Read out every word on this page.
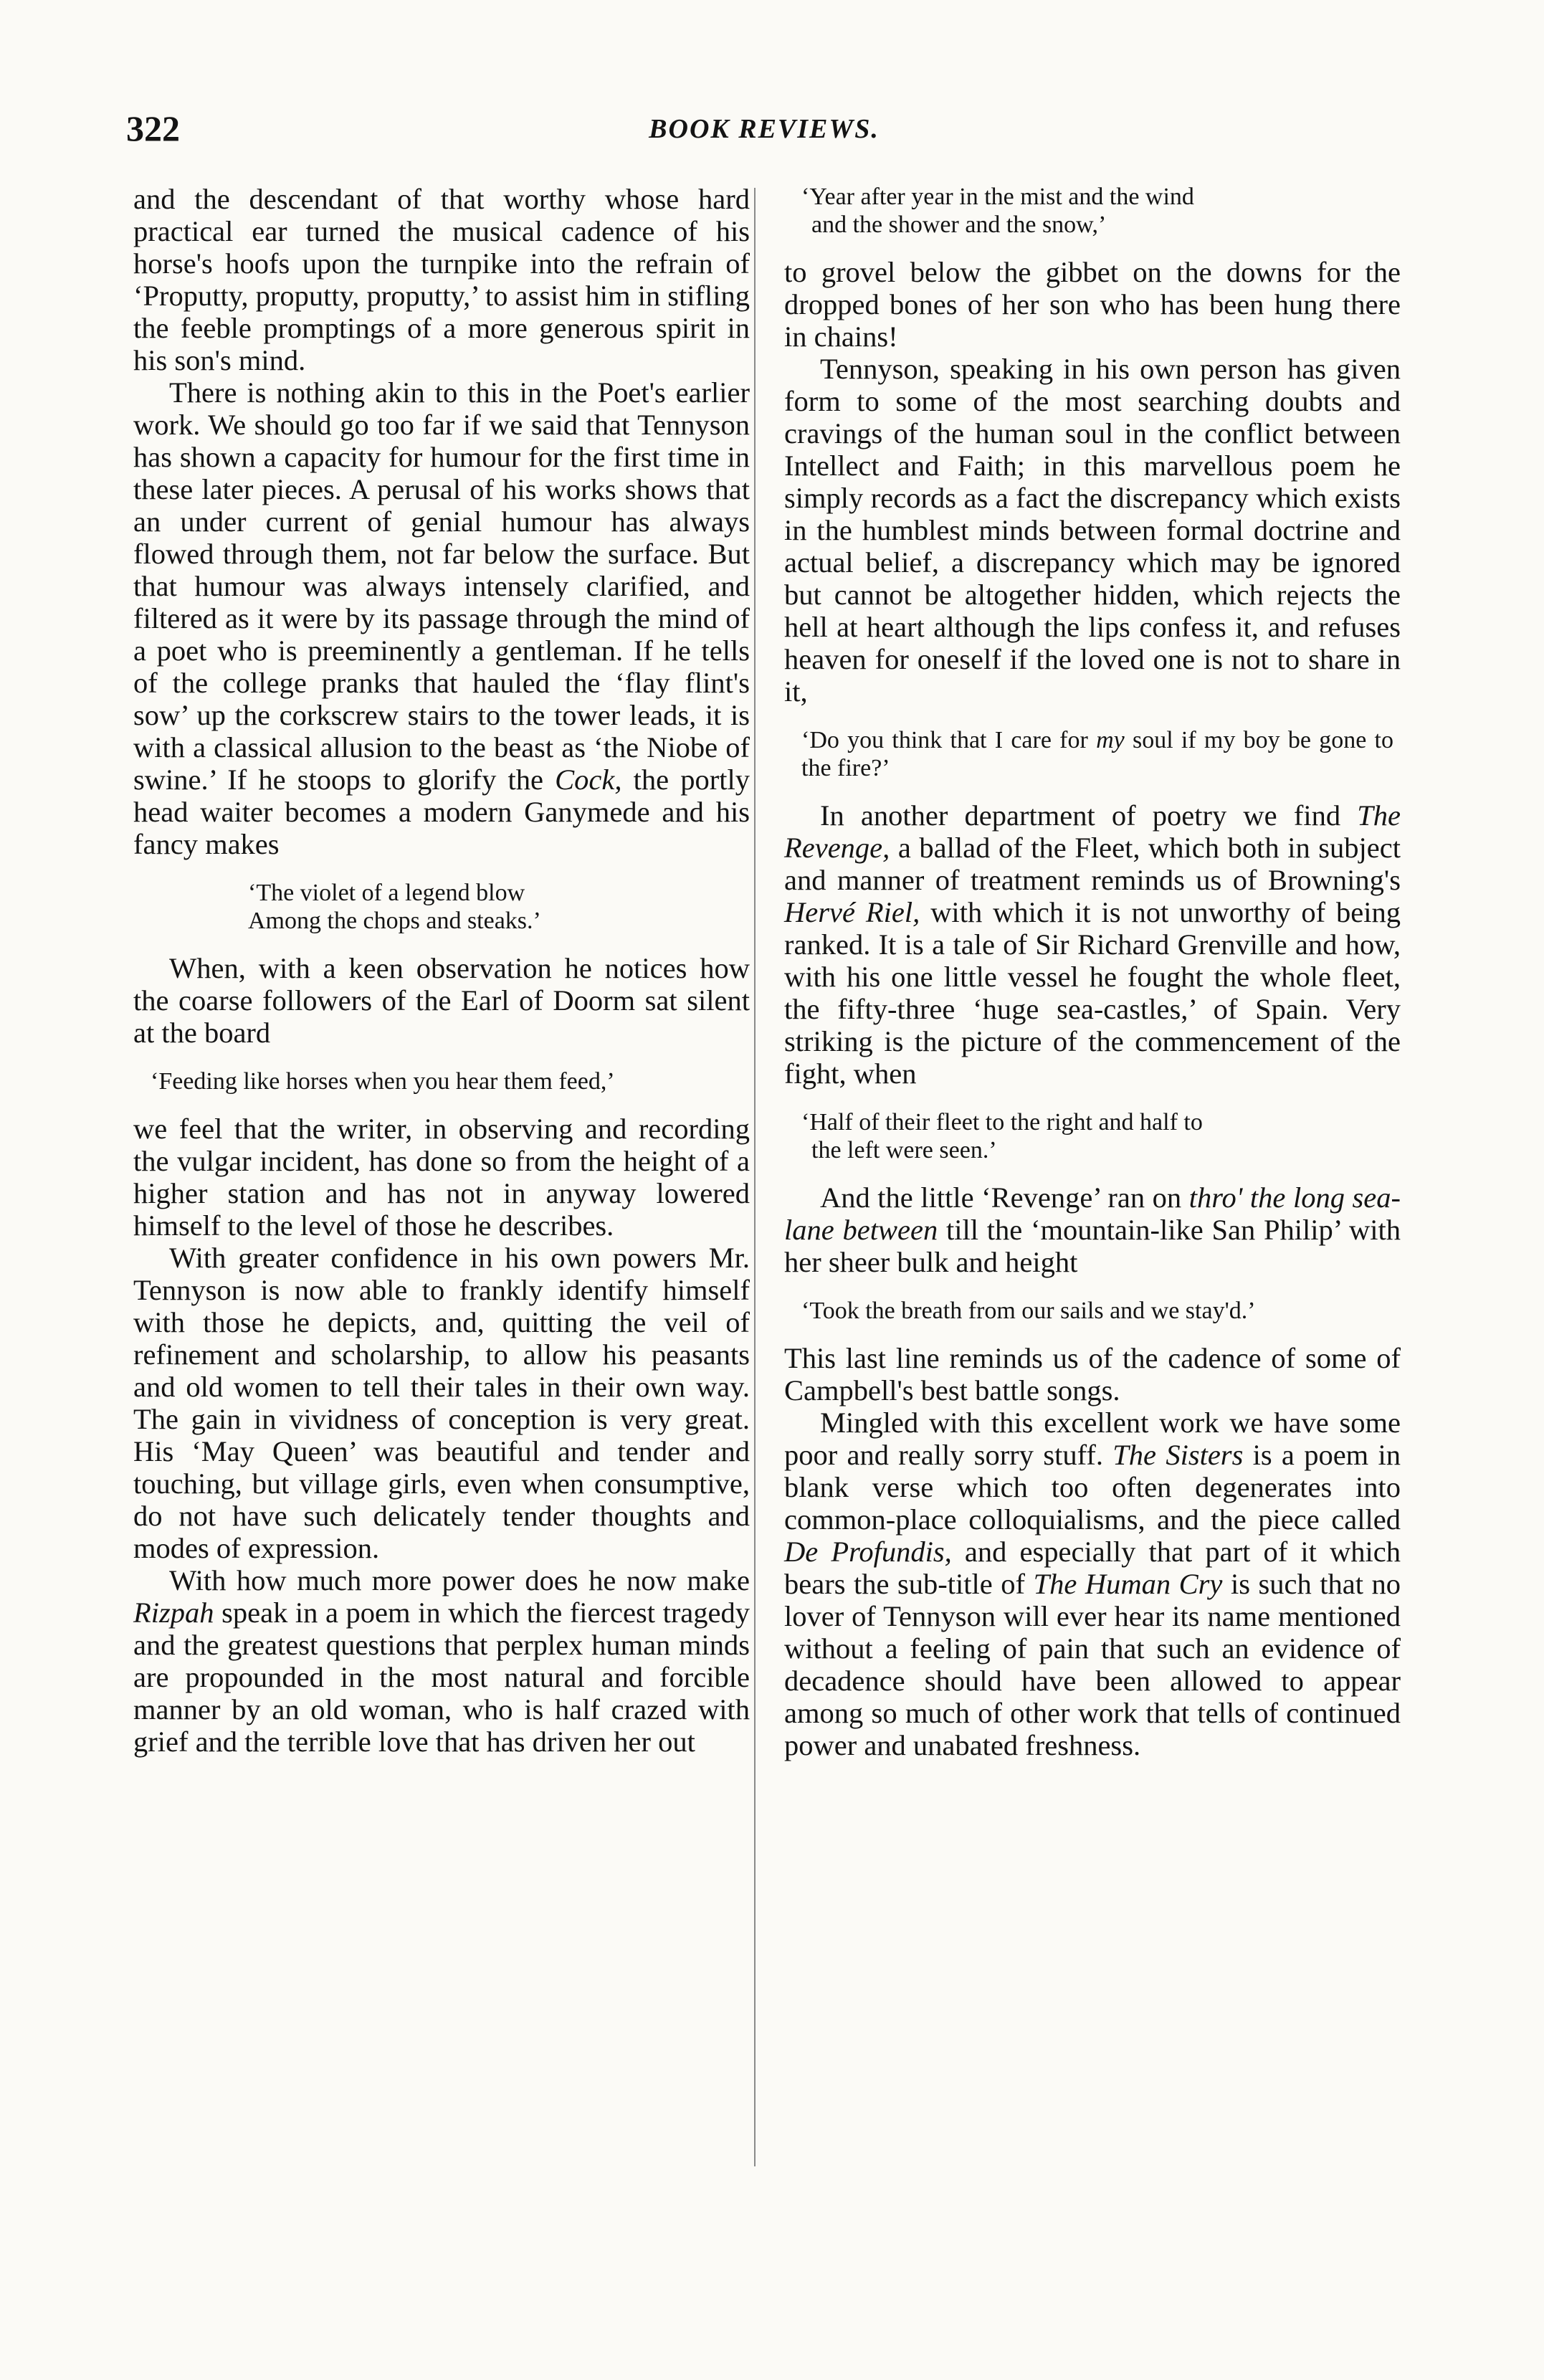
322	BOOK REVIEWS.

and the descendant of that worthy whose hard practical ear turned the musical cadence of his horse's hoofs upon the turnpike into the refrain of ‘Proputty, proputty, proputty,’ to assist him in stifling the feeble promptings of a more generous spirit in his son's mind.

There is nothing akin to this in the Poet's earlier work. We should go too far if we said that Tennyson has shown a capacity for humour for the first time in these later pieces. A perusal of his works shows that an under current of genial humour has always flowed through them, not far below the surface. But that humour was always intensely clarified, and filtered as it were by its passage through the mind of a poet who is preeminently a gentleman. If he tells of the college pranks that hauled the ‘flay flint's sow’ up the corkscrew stairs to the tower leads, it is with a classical allusion to the beast as ‘the Niobe of swine.’ If he stoops to glorify the Cock, the portly head waiter becomes a modern Ganymede and his fancy makes

‘The violet of a legend blow
Among the chops and steaks.’

When, with a keen observation he notices how the coarse followers of the Earl of Doorm sat silent at the board

‘Feeding like horses when you hear them feed,’

we feel that the writer, in observing and recording the vulgar incident, has done so from the height of a higher station and has not in anyway lowered himself to the level of those he describes.

With greater confidence in his own powers Mr. Tennyson is now able to frankly identify himself with those he depicts, and, quitting the veil of refinement and scholarship, to allow his peasants and old women to tell their tales in their own way. The gain in vividness of conception is very great. His ‘May Queen’ was beautiful and tender and touching, but village girls, even when consumptive, do not have such delicately tender thoughts and modes of expression.

With how much more power does he now make Rizpah speak in a poem in which the fiercest tragedy and the greatest questions that perplex human minds are propounded in the most natural and forcible manner by an old woman, who is half crazed with grief and the terrible love that has driven her out

‘Year after year in the mist and the wind
and the shower and the snow,’

to grovel below the gibbet on the downs for the dropped bones of her son who has been hung there in chains!

Tennyson, speaking in his own person has given form to some of the most searching doubts and cravings of the human soul in the conflict between Intellect and Faith; in this marvellous poem he simply records as a fact the discrepancy which exists in the humblest minds between formal doctrine and actual belief, a discrepancy which may be ignored but cannot be altogether hidden, which rejects the hell at heart although the lips confess it, and refuses heaven for oneself if the loved one is not to share in it,

‘Do you think that I care for my soul if my boy be gone to the fire?’

In another department of poetry we find The Revenge, a ballad of the Fleet, which both in subject and manner of treatment reminds us of Browning's Hervé Riel, with which it is not unworthy of being ranked. It is a tale of Sir Richard Grenville and how, with his one little vessel he fought the whole fleet, the fifty-three ‘huge sea-castles,’ of Spain. Very striking is the picture of the commencement of the fight, when

‘Half of their fleet to the right and half to
the left were seen.’

And the little ‘Revenge’ ran on thro' the long sea-lane between till the ‘mountain-like San Philip’ with her sheer bulk and height

‘Took the breath from our sails and we stay'd.’

This last line reminds us of the cadence of some of Campbell's best battle songs.

Mingled with this excellent work we have some poor and really sorry stuff. The Sisters is a poem in blank verse which too often degenerates into common-place colloquialisms, and the piece called De Profundis, and especially that part of it which bears the sub-title of The Human Cry is such that no lover of Tennyson will ever hear its name mentioned without a feeling of pain that such an evidence of decadence should have been allowed to appear among so much of other work that tells of continued power and unabated freshness.
